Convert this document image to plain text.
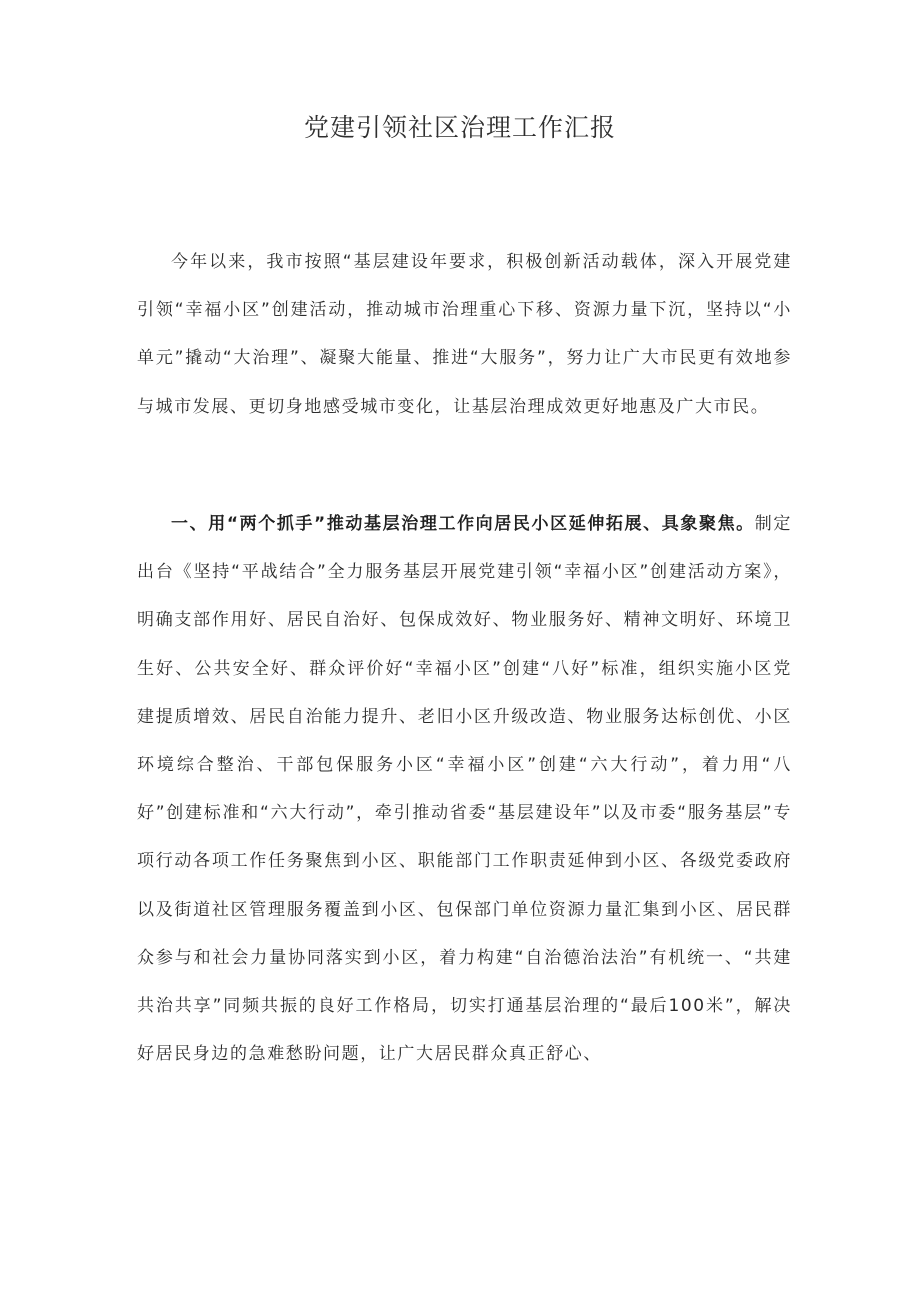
党建引领社区治理工作汇报

今年以来，我市按照“基层建设年要求，积极创新活动载体，深入开展党建引领“幸福小区”创建活动，推动城市治理重心下移、资源力量下沉，坚持以“小单元”撬动“大治理”、凝聚大能量、推进“大服务”，努力让广大市民更有效地参与城市发展、更切身地感受城市变化，让基层治理成效更好地惠及广大市民。

一、用“两个抓手”推动基层治理工作向居民小区延伸拓展、具象聚焦。制定出台《坚持“平战结合”全力服务基层开展党建引领“幸福小区”创建活动方案》，明确支部作用好、居民自治好、包保成效好、物业服务好、精神文明好、环境卫生好、公共安全好、群众评价好“幸福小区”创建“八好”标准，组织实施小区党建提质增效、居民自治能力提升、老旧小区升级改造、物业服务达标创优、小区环境综合整治、干部包保服务小区“幸福小区”创建“六大行动”，着力用“八好”创建标准和“六大行动”，牵引推动省委“基层建设年”以及市委“服务基层”专项行动各项工作任务聚焦到小区、职能部门工作职责延伸到小区、各级党委政府以及街道社区管理服务覆盖到小区、包保部门单位资源力量汇集到小区、居民群众参与和社会力量协同落实到小区，着力构建“自治德治法治”有机统一、“共建共治共享”同频共振的良好工作格局，切实打通基层治理的“最后100米”，解决好居民身边的急难愁盼问题，让广大居民群众真正舒心、
